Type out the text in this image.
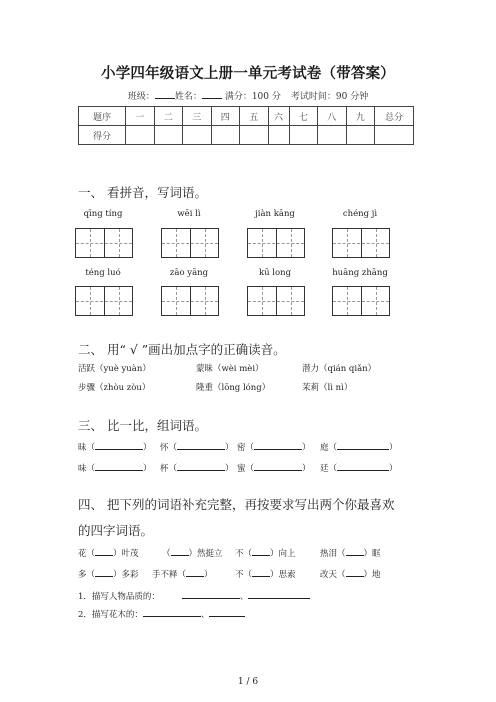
小学四年级语文上册一单元考试卷（带答案）
班级： 姓名：	满分：100 分 考试时间：90 分钟
题序	一	二	三	四	五	六	七	八	九	总分
得分										
一、 看拼音，写词语。
qīng tíng	wēi lì	jiàn kāng	chéng jì
téng luó	zāo yāng	kū long	huāng zhāng
二、 用“ √ ”画出加点字的正确读音。
活跃（yuè yuàn）	蒙昧（wèi mèi）	潜力（qián qiǎn）
步骤（zhòu zòu）	隆重（lōng lóng）	茉莉（lì nì）
三、 比一比，组词语。
昧（	） 怀（	） 密（	） 庭（	）
味（	） 杯（	） 蜜（	） 廷（	）
四、 把下列的词语补充完整，再按要求写出两个你最喜欢
的四字词语。
花（ ）叶茂	（ ）然挺立 不（ ）向上	热泪（ ）眶
多（ ）多彩 手不释（ ）	不（ ）思索	改天（ ）地
1．描写人物品质的：	、
2．描写花木的：	、
1 / 6
